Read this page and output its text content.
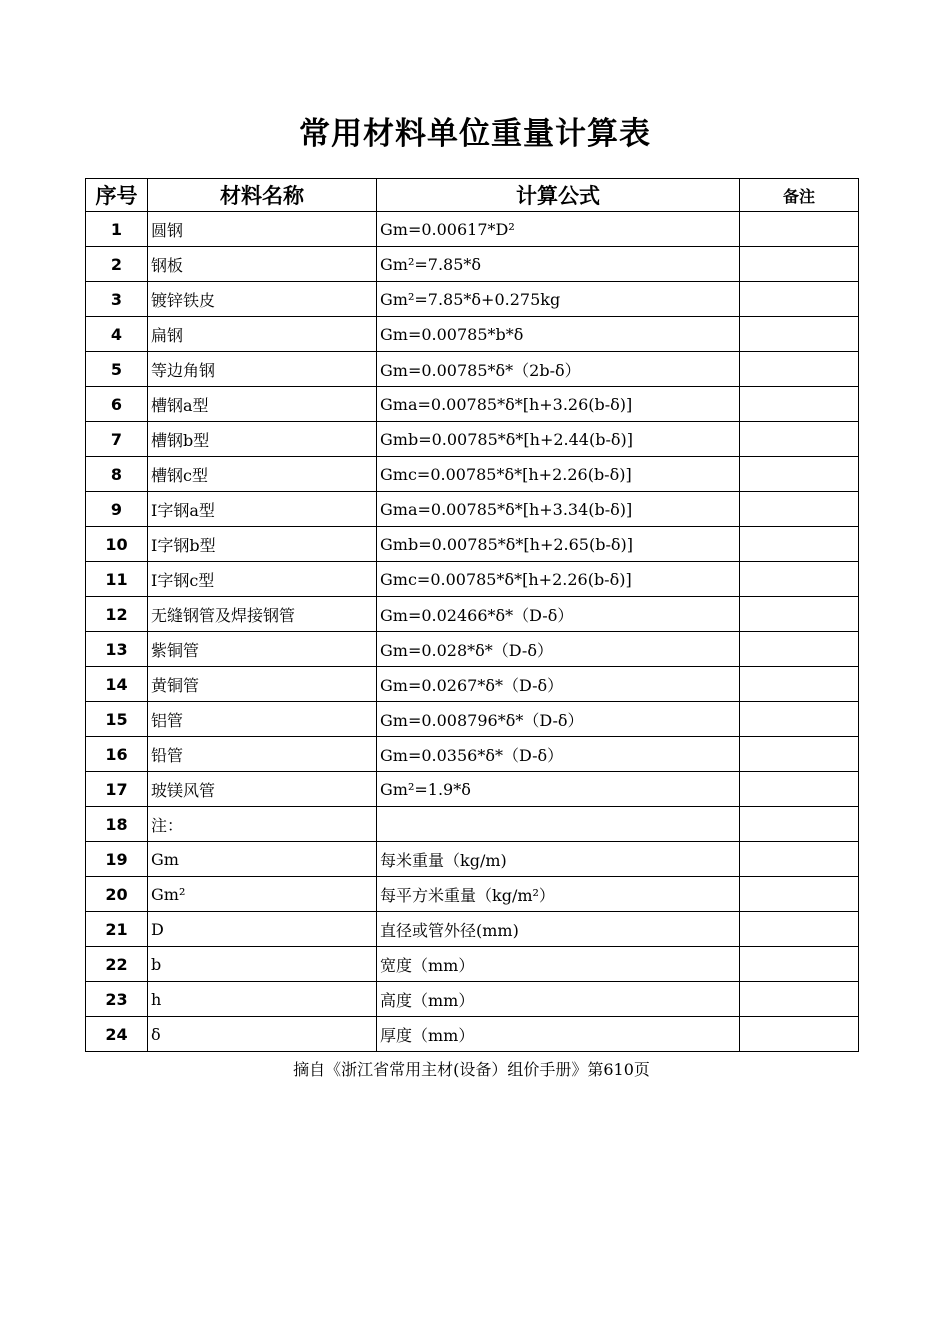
常用材料单位重量计算表
序号	材料名称	计算公式	备注
1	圆钢	Gm=0.00617*D²	
2	钢板	Gm²=7.85*δ	
3	镀锌铁皮	Gm²=7.85*δ+0.275kg	
4	扁钢	Gm=0.00785*b*δ	
5	等边角钢	Gm=0.00785*δ*（2b-δ）	
6	槽钢a型	Gma=0.00785*δ*[h+3.26(b-δ)]	
7	槽钢b型	Gmb=0.00785*δ*[h+2.44(b-δ)]	
8	槽钢c型	Gmc=0.00785*δ*[h+2.26(b-δ)]	
9	I字钢a型	Gma=0.00785*δ*[h+3.34(b-δ)]	
10	I字钢b型	Gmb=0.00785*δ*[h+2.65(b-δ)]	
11	I字钢c型	Gmc=0.00785*δ*[h+2.26(b-δ)]	
12	无缝钢管及焊接钢管	Gm=0.02466*δ*（D-δ）	
13	紫铜管	Gm=0.028*δ*（D-δ）	
14	黄铜管	Gm=0.0267*δ*（D-δ）	
15	铝管	Gm=0.008796*δ*（D-δ）	
16	铅管	Gm=0.0356*δ*（D-δ）	
17	玻镁风管	Gm²=1.9*δ	
18	注：		
19	Gm	每米重量（kg/m)	
20	Gm²	每平方米重量（kg/m²）	
21	D	直径或管外径(mm)	
22	b	宽度（mm）	
23	h	高度（mm）	
24	δ	厚度（mm）	
摘自《浙江省常用主材(设备）组价手册》第610页
